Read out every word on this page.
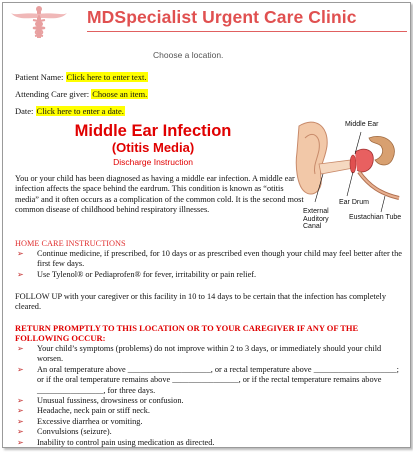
MDSpecialist Urgent Care Clinic
Choose a location.
Patient Name: Click here to enter text.
Attending Care giver: Choose an item.
Date: Click here to enter a date.
Middle Ear Infection
(Otitis Media)
Discharge Instruction
Middle Ear
External
Auditory
Canal
Ear Drum
Eustachian Tube
You or your child has been diagnosed as having a middle ear infection. A middle ear infection affects the space behind the eardrum. This condition is known as “otitis media” and it often occurs as a complication of the common cold. It is the second most common disease of childhood behind respiratory illnesses.
HOME CARE INSTRUCTIONS
➢ Continue medicine, if prescribed, for 10 days or as prescribed even though your child may feel better after the first few days.
➢ Use Tylenol® or Pediaprofen® for fever, irritability or pain relief.
FOLLOW UP with your caregiver or this facility in 10 to 14 days to be certain that the infection has completely cleared.
RETURN PROMPTLY TO THIS LOCATION OR TO YOUR CAREGIVER IF ANY OF THE FOLLOWING OCCUR:
➢ Your child’s symptoms (problems) do not improve within 2 to 3 days, or immediately should your child worsen.
➢ An oral temperature above ____________________, or a rectal temperature above ____________________; or if the oral temperature remains above ________________, or if the rectal temperature remains above ________________, for three days.
➢ Unusual fussiness, drowsiness or confusion.
➢ Headache, neck pain or stiff neck.
➢ Excessive diarrhea or vomiting.
➢ Convulsions (seizure).
➢ Inability to control pain using medication as directed.
